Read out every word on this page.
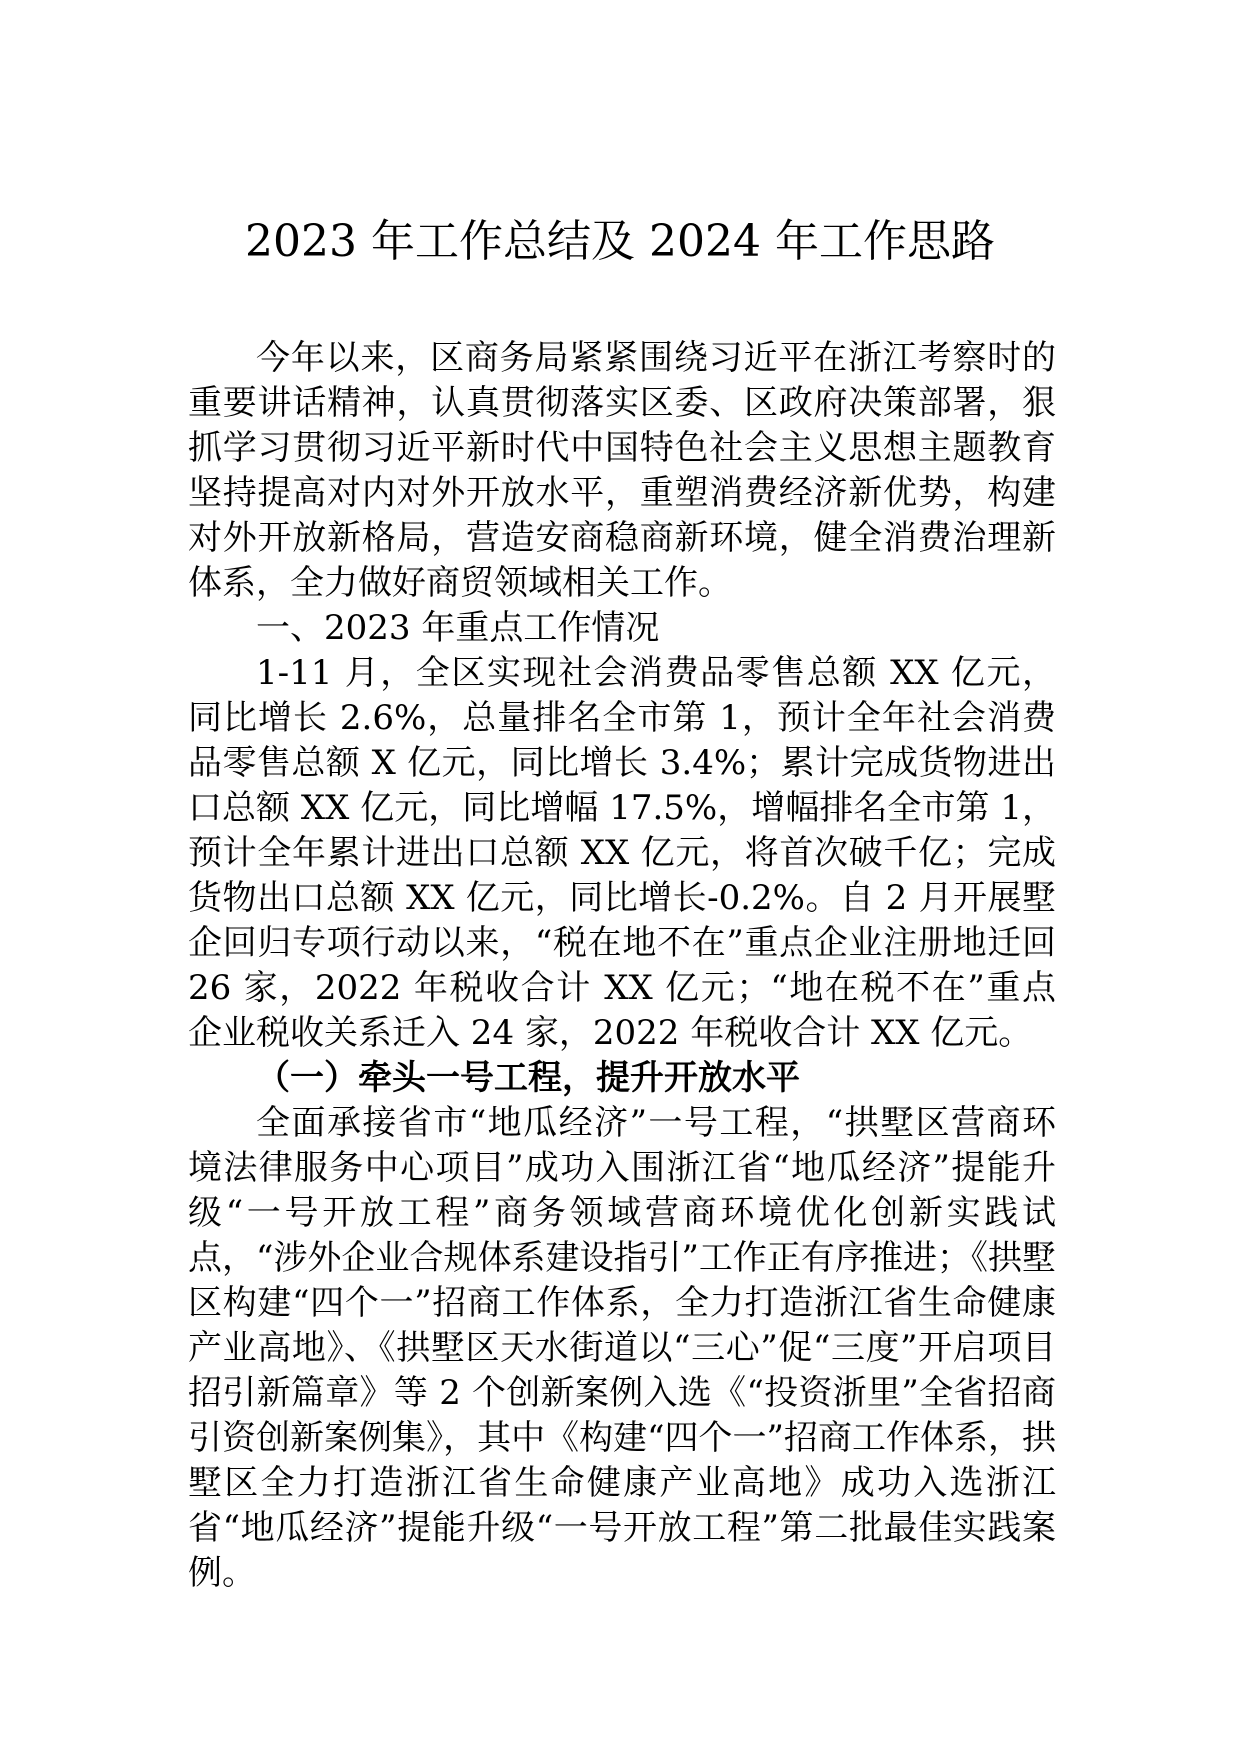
2023 年工作总结及 2024 年工作思路

今年以来，区商务局紧紧围绕习近平在浙江考察时的重要讲话精神，认真贯彻落实区委、区政府决策部署，狠抓学习贯彻习近平新时代中国特色社会主义思想主题教育坚持提高对内对外开放水平，重塑消费经济新优势，构建对外开放新格局，营造安商稳商新环境，健全消费治理新体系，全力做好商贸领域相关工作。

一、2023 年重点工作情况

1-11 月，全区实现社会消费品零售总额 XX 亿元，同比增长 2.6%，总量排名全市第 1，预计全年社会消费品零售总额 X 亿元，同比增长 3.4%；累计完成货物进出口总额 XX 亿元，同比增幅 17.5%，增幅排名全市第 1，预计全年累计进出口总额 XX 亿元，将首次破千亿；完成货物出口总额 XX 亿元，同比增长-0.2%。自 2 月开展墅企回归专项行动以来，“税在地不在”重点企业注册地迁回 26 家，2022 年税收合计 XX 亿元；“地在税不在”重点企业税收关系迁入 24 家，2022 年税收合计 XX 亿元。

（一）牵头一号工程，提升开放水平

全面承接省市“地瓜经济”一号工程，“拱墅区营商环境法律服务中心项目”成功入围浙江省“地瓜经济”提能升级“一号开放工程”商务领域营商环境优化创新实践试点，“涉外企业合规体系建设指引”工作正有序推进；《拱墅区构建“四个一”招商工作体系，全力打造浙江省生命健康产业高地》、《拱墅区天水街道以“三心”促“三度”开启项目招引新篇章》等 2 个创新案例入选《“投资浙里”全省招商引资创新案例集》，其中《构建“四个一”招商工作体系，拱墅区全力打造浙江省生命健康产业高地》成功入选浙江省“地瓜经济”提能升级“一号开放工程”第二批最佳实践案例。
